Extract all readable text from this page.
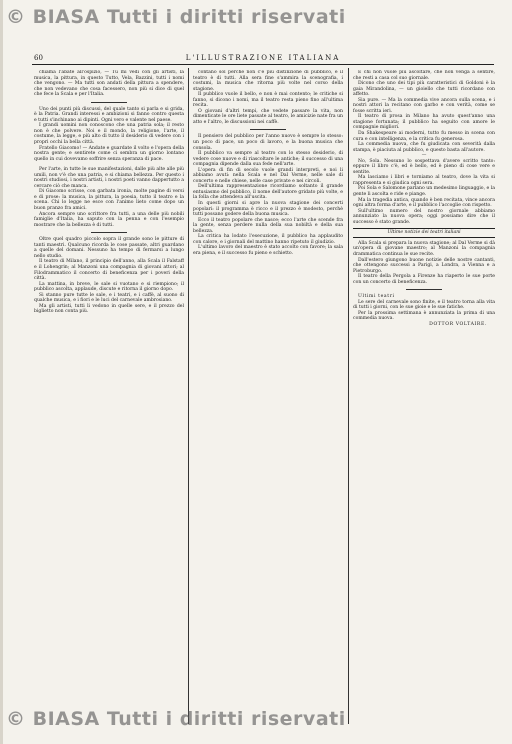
© BIASA Tutti i diritti riservati
60	L'ILLUSTRAZIONE ITALIANA

chiama l'abate all'ospizio, — Tu mi vedi con gli artisti, la musica, la pittura, in questo Tutto, Vela, Bazzini, tutti i nomi che vengono. — Ma tutti son andati della pittura a spendere, che non vedevano che cosa facessero, non più si dice di quel che fece la Scala e per l'Italia.

Uno dei punti più discussi, del quale tanto si parla e si grida, è la Patria. Grandi interessi e ambizioni si fanno contro questa e tutti s'inchinano ai dipinti. Ogni vero e valente nel paese.

I grandi uomini non conoscono che una patria sola; il resto non è che polvere. Noi e il mondo, la religione, l'arte, il costume, la legge, e più alto di tutto il desiderio di vedere con i propri occhi la bella città.

Fratello Giacomo! — Andate e guardate il volto e l'opera della nostra gente; e sentirete come ci sembra un giorno lontano quello in cui dovevamo soffrire senza speranza di pace.

Per l'arte, in tutte le sue manifestazioni, dalle più alte alle più umili, non v'è che una patria, e si chiama bellezza. Per questo i nostri studiosi, i nostri artisti, i nostri poeti vanno dappertutto a cercare ciò che manca.

Di Giacomo scrisse, con garbata ironia, molte pagine di versi e di prose: la musica, la pittura, la poesia, tutto il teatro e la scena. Chi lo legge ne esce con l'animo lieto come dopo un buon pranzo fra amici.

Ancora sempre uno scrittore fra tutti, a una delle più nobili famiglie d'Italia, ha saputo con la penna e con l'esempio mostrare che la bellezza è di tutti.

Oltre quel quadro piccolo sopra il grande sono le pitture di tanti maestri. Qualcuno ricorda le cose passate, altri guardano a quelle del domani. Nessuno ha tempo di fermarsi a lungo nello studio.

Il teatro di Milano, il principio dell'anno, alla Scala il Falstaff e il Lohengrin; al Manzoni una compagnia di giovani attori; al Filodrammatico il concerto di beneficenza per i poveri della città.

La mattina, in breve, le sale si vuotano e si riempiono; il pubblico ascolta, applaude, discute e ritorna il giorno dopo.

Si stanno pure tutte le sale, e i teatri, e i caffè, al suono di qualche musica, e i fiori e le luci del carnevale ambrosiano.

Ma gli artisti, tutti li vedono in quelle sere, e il prezzo del biglietto non conta più.

contano sol perchè non c'è più distinzione di pubblico, e il teatro è di tutti. Alla sera fine s'ammira la scenografia, i costumi, la musica che ritorna più volte nel corso della stagione.

Il pubblico vuole il bello, e non è mai contento; le critiche si fanno, si dicono i nomi, ma il teatro resta pieno fino all'ultima recita.

O giovani d'altri tempi, che vedete passare la vita, non dimenticate le ore liete passate al teatro, le amicizie nate fra un atto e l'altro, le discussioni nei caffè.

Il pensiero del pubblico per l'anno nuovo è sempre lo stesso: un poco di pace, un poco di lavoro, e la buona musica che consola.

Il pubblico va sempre al teatro con lo stesso desiderio, di vedere cose nuove e di riascoltare le antiche; il successo di una compagnia dipende dalla sua fede nell'arte.

L'opera di fin di secolo vuole grandi interpreti, e noi li abbiamo avuti: nella Scala e nel Dal Verme, nelle sale di concerto e nelle chiese, nelle case private e nei circoli.

Dell'ultima rappresentazione ricordiamo soltanto il grande entusiasmo del pubblico, il nome dell'autore gridato più volte, e la folla che attendeva all'uscita.

In questi giorni si apre la nuova stagione dei concerti popolari: il programma è ricco e il prezzo è modesto, perchè tutti possano godere della buona musica.

Ecco il teatro popolare che nasce; ecco l'arte che scende fra la gente, senza perdere nulla della sua nobiltà e della sua bellezza.

La critica ha lodato l'esecuzione, il pubblico ha applaudito con calore, e i giornali del mattino hanno ripetuto il giudizio.

L'ultimo lavoro del maestro è stato accolto con favore; la sala era piena, e il successo fu pieno e schietto.

E chi non vuole più ascoltare, che non venga a sentire, che resti a casa col suo giornale.

Dicono che uno dei tipi più caratteristici di Goldoni è la gaia Mirandolina, — un gioiello che tutti ricordano con affetto.

Sia pure. — Ma la commedia vive ancora sulla scena, e i nostri attori la recitano con garbo e con verità, come se fosse scritta ieri.

Il teatro di prosa in Milano ha avuto quest'anno una stagione fortunata; il pubblico ha seguito con amore le compagnie migliori.

Da Shakespeare ai moderni, tutto fu messo in scena con cura e con intelligenza, e la critica fu generosa.

La commedia nuova, che fu giudicata con severità dalla stampa, è piaciuta al pubblico, e questo basta all'autore.

—

No, Sola. Nessuno lo sospettava d'avere scritto tanto: eppure il libro c'è, ed è bello, ed è pieno di cose vere e sentite.

Ma lasciamo i libri e torniamo al teatro, dove la vita si rappresenta e si giudica ogni sera.

Poi Sola e Salomone parlano un medesimo linguaggio, e la gente li ascolta e ride e piange.

Ma la tragedia antica, quando è ben recitata, vince ancora ogni altra forma d'arte, e il pubblico l'accoglie con rispetto.

Sull'ultimo numero del nostro giornale abbiamo annunziato la nuova opera; oggi possiamo dire che il successo è stato grande.

Ultime notizie dei teatri italiani

Alla Scala si prepara la nuova stagione; al Dal Verme si dà un'opera di giovane maestro; al Manzoni la compagnia drammatica continua le sue recite.

Dall'estero giungono buone notizie delle nostre cantanti, che ottengono successi a Parigi, a Londra, a Vienna e a Pietroburgo.

Il teatro della Pergola a Firenze ha riaperto le sue porte con un concerto di beneficenza.

Ultimi teatri

Le sere del carnevale sono finite, e il teatro torna alla vita di tutti i giorni, con le sue gioie e le sue fatiche.

Per la prossima settimana è annunziata la prima di una commedia nuova.

DOTTOR VOLTAIRE.

© BIASA Tutti i diritti riservati
